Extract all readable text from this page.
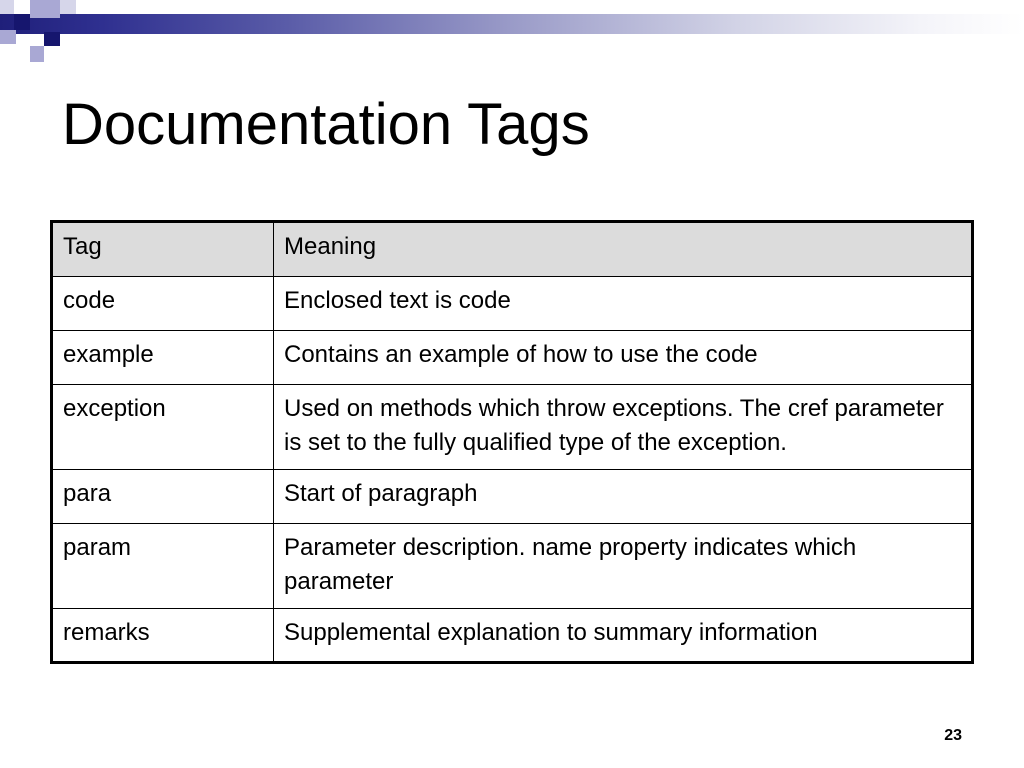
Documentation Tags
Tag	Meaning
code	Enclosed text is code
example	Contains an example of how to use the code
exception	Used on methods which throw exceptions. The cref parameter is set to the fully qualified type of the exception.
para	Start of paragraph
param	Parameter description. name property indicates which parameter
remarks	Supplemental explanation to summary information
23
